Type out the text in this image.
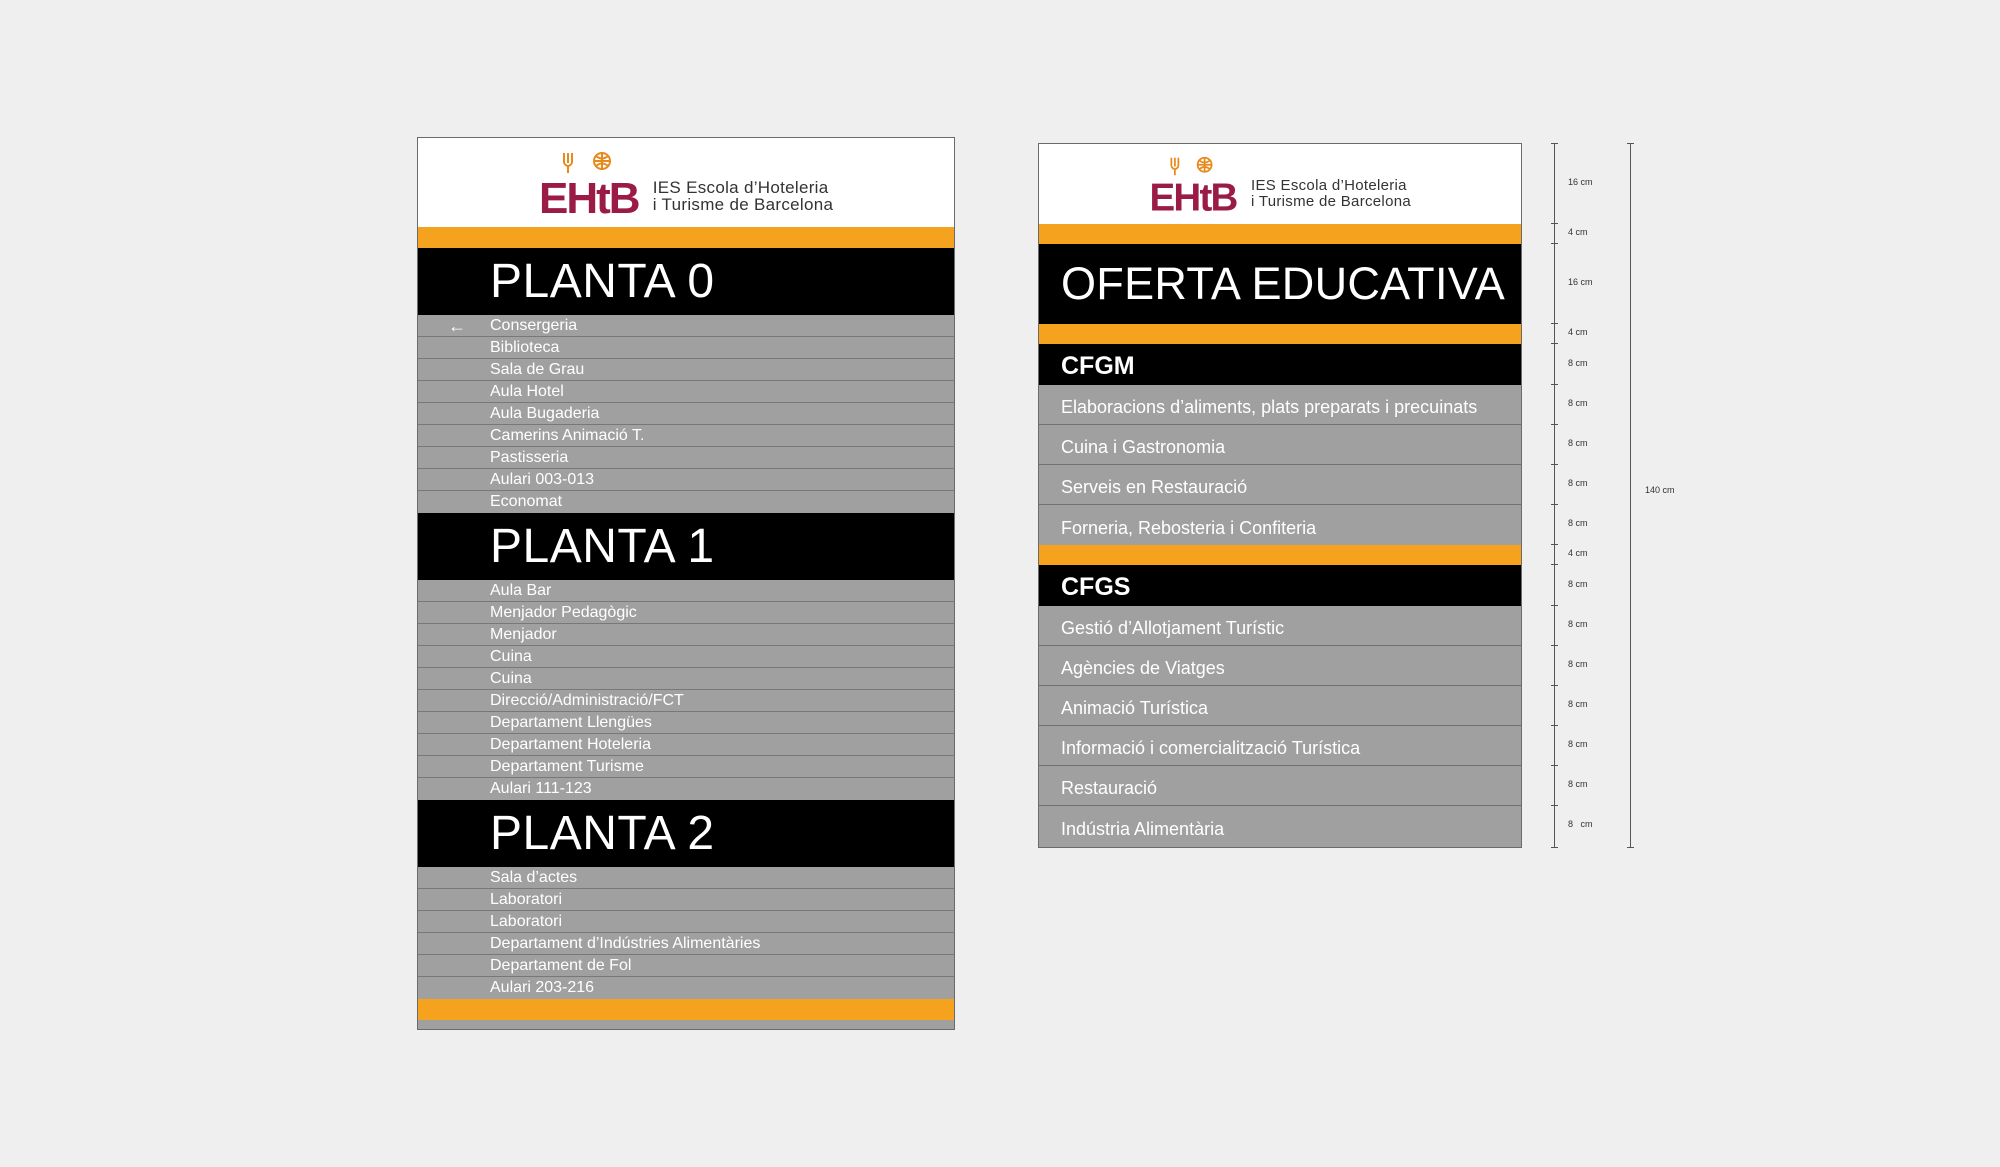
EHtB IES Escola d’Hoteleria
i Turisme de Barcelona
PLANTA 0
← Consergeria
Biblioteca
Sala de Grau
Aula Hotel
Aula Bugaderia
Camerins Animació T.
Pastisseria
Aulari 003-013
Economat
PLANTA 1
Aula Bar
Menjador Pedagògic
Menjador
Cuina
Cuina
Direcció/Administració/FCT
Departament Llengües
Departament Hoteleria
Departament Turisme
Aulari 111-123
PLANTA 2
Sala d’actes
Laboratori
Laboratori
Departament d’Indústries Alimentàries
Departament de Fol
Aulari 203-216
EHtB IES Escola d’Hoteleria
i Turisme de Barcelona
OFERTA EDUCATIVA
CFGM
Elaboracions d’aliments, plats preparats i precuinats
Cuina i Gastronomia
Serveis en Restauració
Forneria, Rebosteria i Confiteria
CFGS
Gestió d’Allotjament Turístic
Agències de Viatges
Animació Turística
Informació i comercialització Turística
Restauració
Indústria Alimentària
140 cm
16 cm
4 cm
16 cm
4 cm
8 cm
8 cm
8 cm
8 cm
8 cm
4 cm
8 cm
8 cm
8 cm
8 cm
8 cm
8 cm
8   cm
